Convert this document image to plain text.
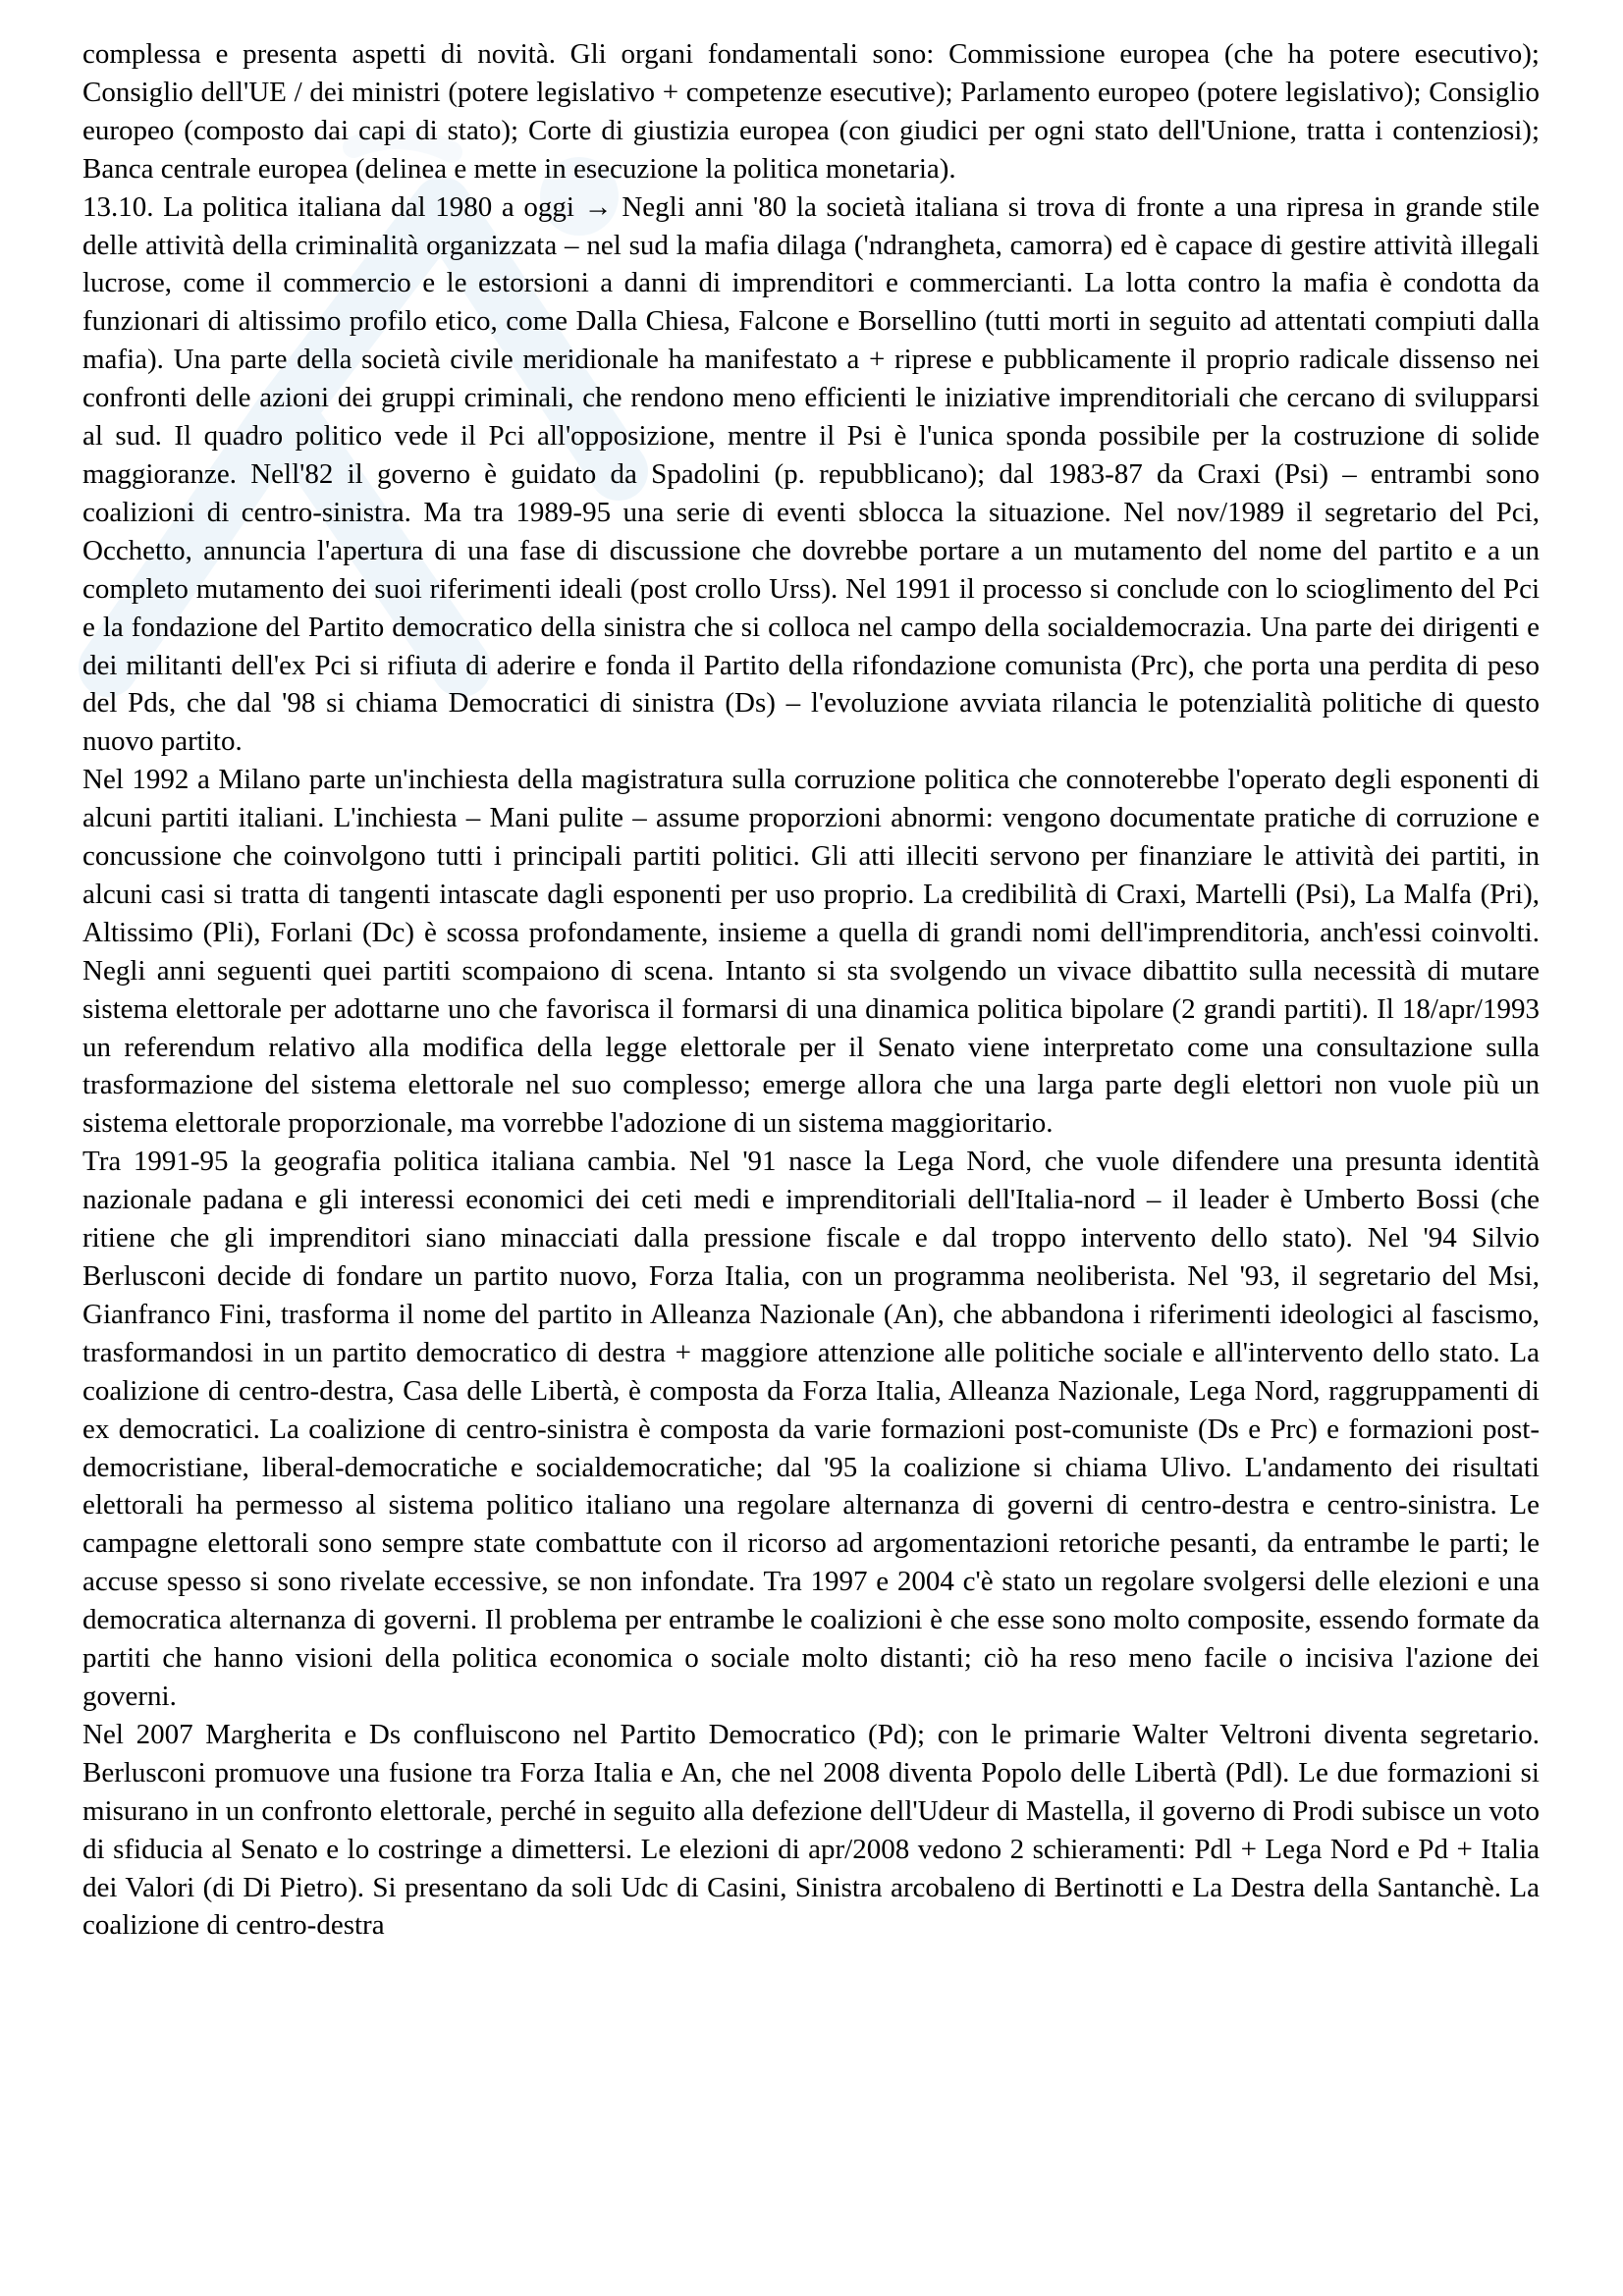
complessa e presenta aspetti di novità. Gli organi fondamentali sono: Commissione europea (che ha potere esecutivo); Consiglio dell'UE / dei ministri (potere legislativo + competenze esecutive); Parlamento europeo (potere legislativo); Consiglio europeo (composto dai capi di stato); Corte di giustizia europea (con giudici per ogni stato dell'Unione, tratta i contenziosi); Banca centrale europea (delinea e mette in esecuzione la politica monetaria).

13.10. La politica italiana dal 1980 a oggi → Negli anni '80 la società italiana si trova di fronte a una ripresa in grande stile delle attività della criminalità organizzata – nel sud la mafia dilaga ('ndrangheta, camorra) ed è capace di gestire attività illegali lucrose, come il commercio e le estorsioni a danni di imprenditori e commercianti. La lotta contro la mafia è condotta da funzionari di altissimo profilo etico, come Dalla Chiesa, Falcone e Borsellino (tutti morti in seguito ad attentati compiuti dalla mafia). Una parte della società civile meridionale ha manifestato a + riprese e pubblicamente il proprio radicale dissenso nei confronti delle azioni dei gruppi criminali, che rendono meno efficienti le iniziative imprenditoriali che cercano di svilupparsi al sud. Il quadro politico vede il Pci all'opposizione, mentre il Psi è l'unica sponda possibile per la costruzione di solide maggioranze. Nell'82 il governo è guidato da Spadolini (p. repubblicano); dal 1983-87 da Craxi (Psi) – entrambi sono coalizioni di centro-sinistra. Ma tra 1989-95 una serie di eventi sblocca la situazione. Nel nov/1989 il segretario del Pci, Occhetto, annuncia l'apertura di una fase di discussione che dovrebbe portare a un mutamento del nome del partito e a un completo mutamento dei suoi riferimenti ideali (post crollo Urss). Nel 1991 il processo si conclude con lo scioglimento del Pci e la fondazione del Partito democratico della sinistra che si colloca nel campo della socialdemocrazia. Una parte dei dirigenti e dei militanti dell'ex Pci si rifiuta di aderire e fonda il Partito della rifondazione comunista (Prc), che porta una perdita di peso del Pds, che dal '98 si chiama Democratici di sinistra (Ds) – l'evoluzione avviata rilancia le potenzialità politiche di questo nuovo partito.

Nel 1992 a Milano parte un'inchiesta della magistratura sulla corruzione politica che connoterebbe l'operato degli esponenti di alcuni partiti italiani. L'inchiesta – Mani pulite – assume proporzioni abnormi: vengono documentate pratiche di corruzione e concussione che coinvolgono tutti i principali partiti politici. Gli atti illeciti servono per finanziare le attività dei partiti, in alcuni casi si tratta di tangenti intascate dagli esponenti per uso proprio. La credibilità di Craxi, Martelli (Psi), La Malfa (Pri), Altissimo (Pli), Forlani (Dc) è scossa profondamente, insieme a quella di grandi nomi dell'imprenditoria, anch'essi coinvolti. Negli anni seguenti quei partiti scompaiono di scena. Intanto si sta svolgendo un vivace dibattito sulla necessità di mutare sistema elettorale per adottarne uno che favorisca il formarsi di una dinamica politica bipolare (2 grandi partiti). Il 18/apr/1993 un referendum relativo alla modifica della legge elettorale per il Senato viene interpretato come una consultazione sulla trasformazione del sistema elettorale nel suo complesso; emerge allora che una larga parte degli elettori non vuole più un sistema elettorale proporzionale, ma vorrebbe l'adozione di un sistema maggioritario.

Tra 1991-95 la geografia politica italiana cambia. Nel '91 nasce la Lega Nord, che vuole difendere una presunta identità nazionale padana e gli interessi economici dei ceti medi e imprenditoriali dell'Italia-nord – il leader è Umberto Bossi (che ritiene che gli imprenditori siano minacciati dalla pressione fiscale e dal troppo intervento dello stato). Nel '94 Silvio Berlusconi decide di fondare un partito nuovo, Forza Italia, con un programma neoliberista. Nel '93, il segretario del Msi, Gianfranco Fini, trasforma il nome del partito in Alleanza Nazionale (An), che abbandona i riferimenti ideologici al fascismo, trasformandosi in un partito democratico di destra + maggiore attenzione alle politiche sociale e all'intervento dello stato. La coalizione di centro-destra, Casa delle Libertà, è composta da Forza Italia, Alleanza Nazionale, Lega Nord, raggruppamenti di ex democratici. La coalizione di centro-sinistra è composta da varie formazioni post-comuniste (Ds e Prc) e formazioni post-democristiane, liberal-democratiche e socialdemocratiche; dal '95 la coalizione si chiama Ulivo. L'andamento dei risultati elettorali ha permesso al sistema politico italiano una regolare alternanza di governi di centro-destra e centro-sinistra. Le campagne elettorali sono sempre state combattute con il ricorso ad argomentazioni retoriche pesanti, da entrambe le parti; le accuse spesso si sono rivelate eccessive, se non infondate. Tra 1997 e 2004 c'è stato un regolare svolgersi delle elezioni e una democratica alternanza di governi. Il problema per entrambe le coalizioni è che esse sono molto composite, essendo formate da partiti che hanno visioni della politica economica o sociale molto distanti; ciò ha reso meno facile o incisiva l'azione dei governi.

Nel 2007 Margherita e Ds confluiscono nel Partito Democratico (Pd); con le primarie Walter Veltroni diventa segretario. Berlusconi promuove una fusione tra Forza Italia e An, che nel 2008 diventa Popolo delle Libertà (Pdl). Le due formazioni si misurano in un confronto elettorale, perché in seguito alla defezione dell'Udeur di Mastella, il governo di Prodi subisce un voto di sfiducia al Senato e lo costringe a dimettersi. Le elezioni di apr/2008 vedono 2 schieramenti: Pdl + Lega Nord e Pd + Italia dei Valori (di Di Pietro). Si presentano da soli Udc di Casini, Sinistra arcobaleno di Bertinotti e La Destra della Santanchè. La coalizione di centro-destra
